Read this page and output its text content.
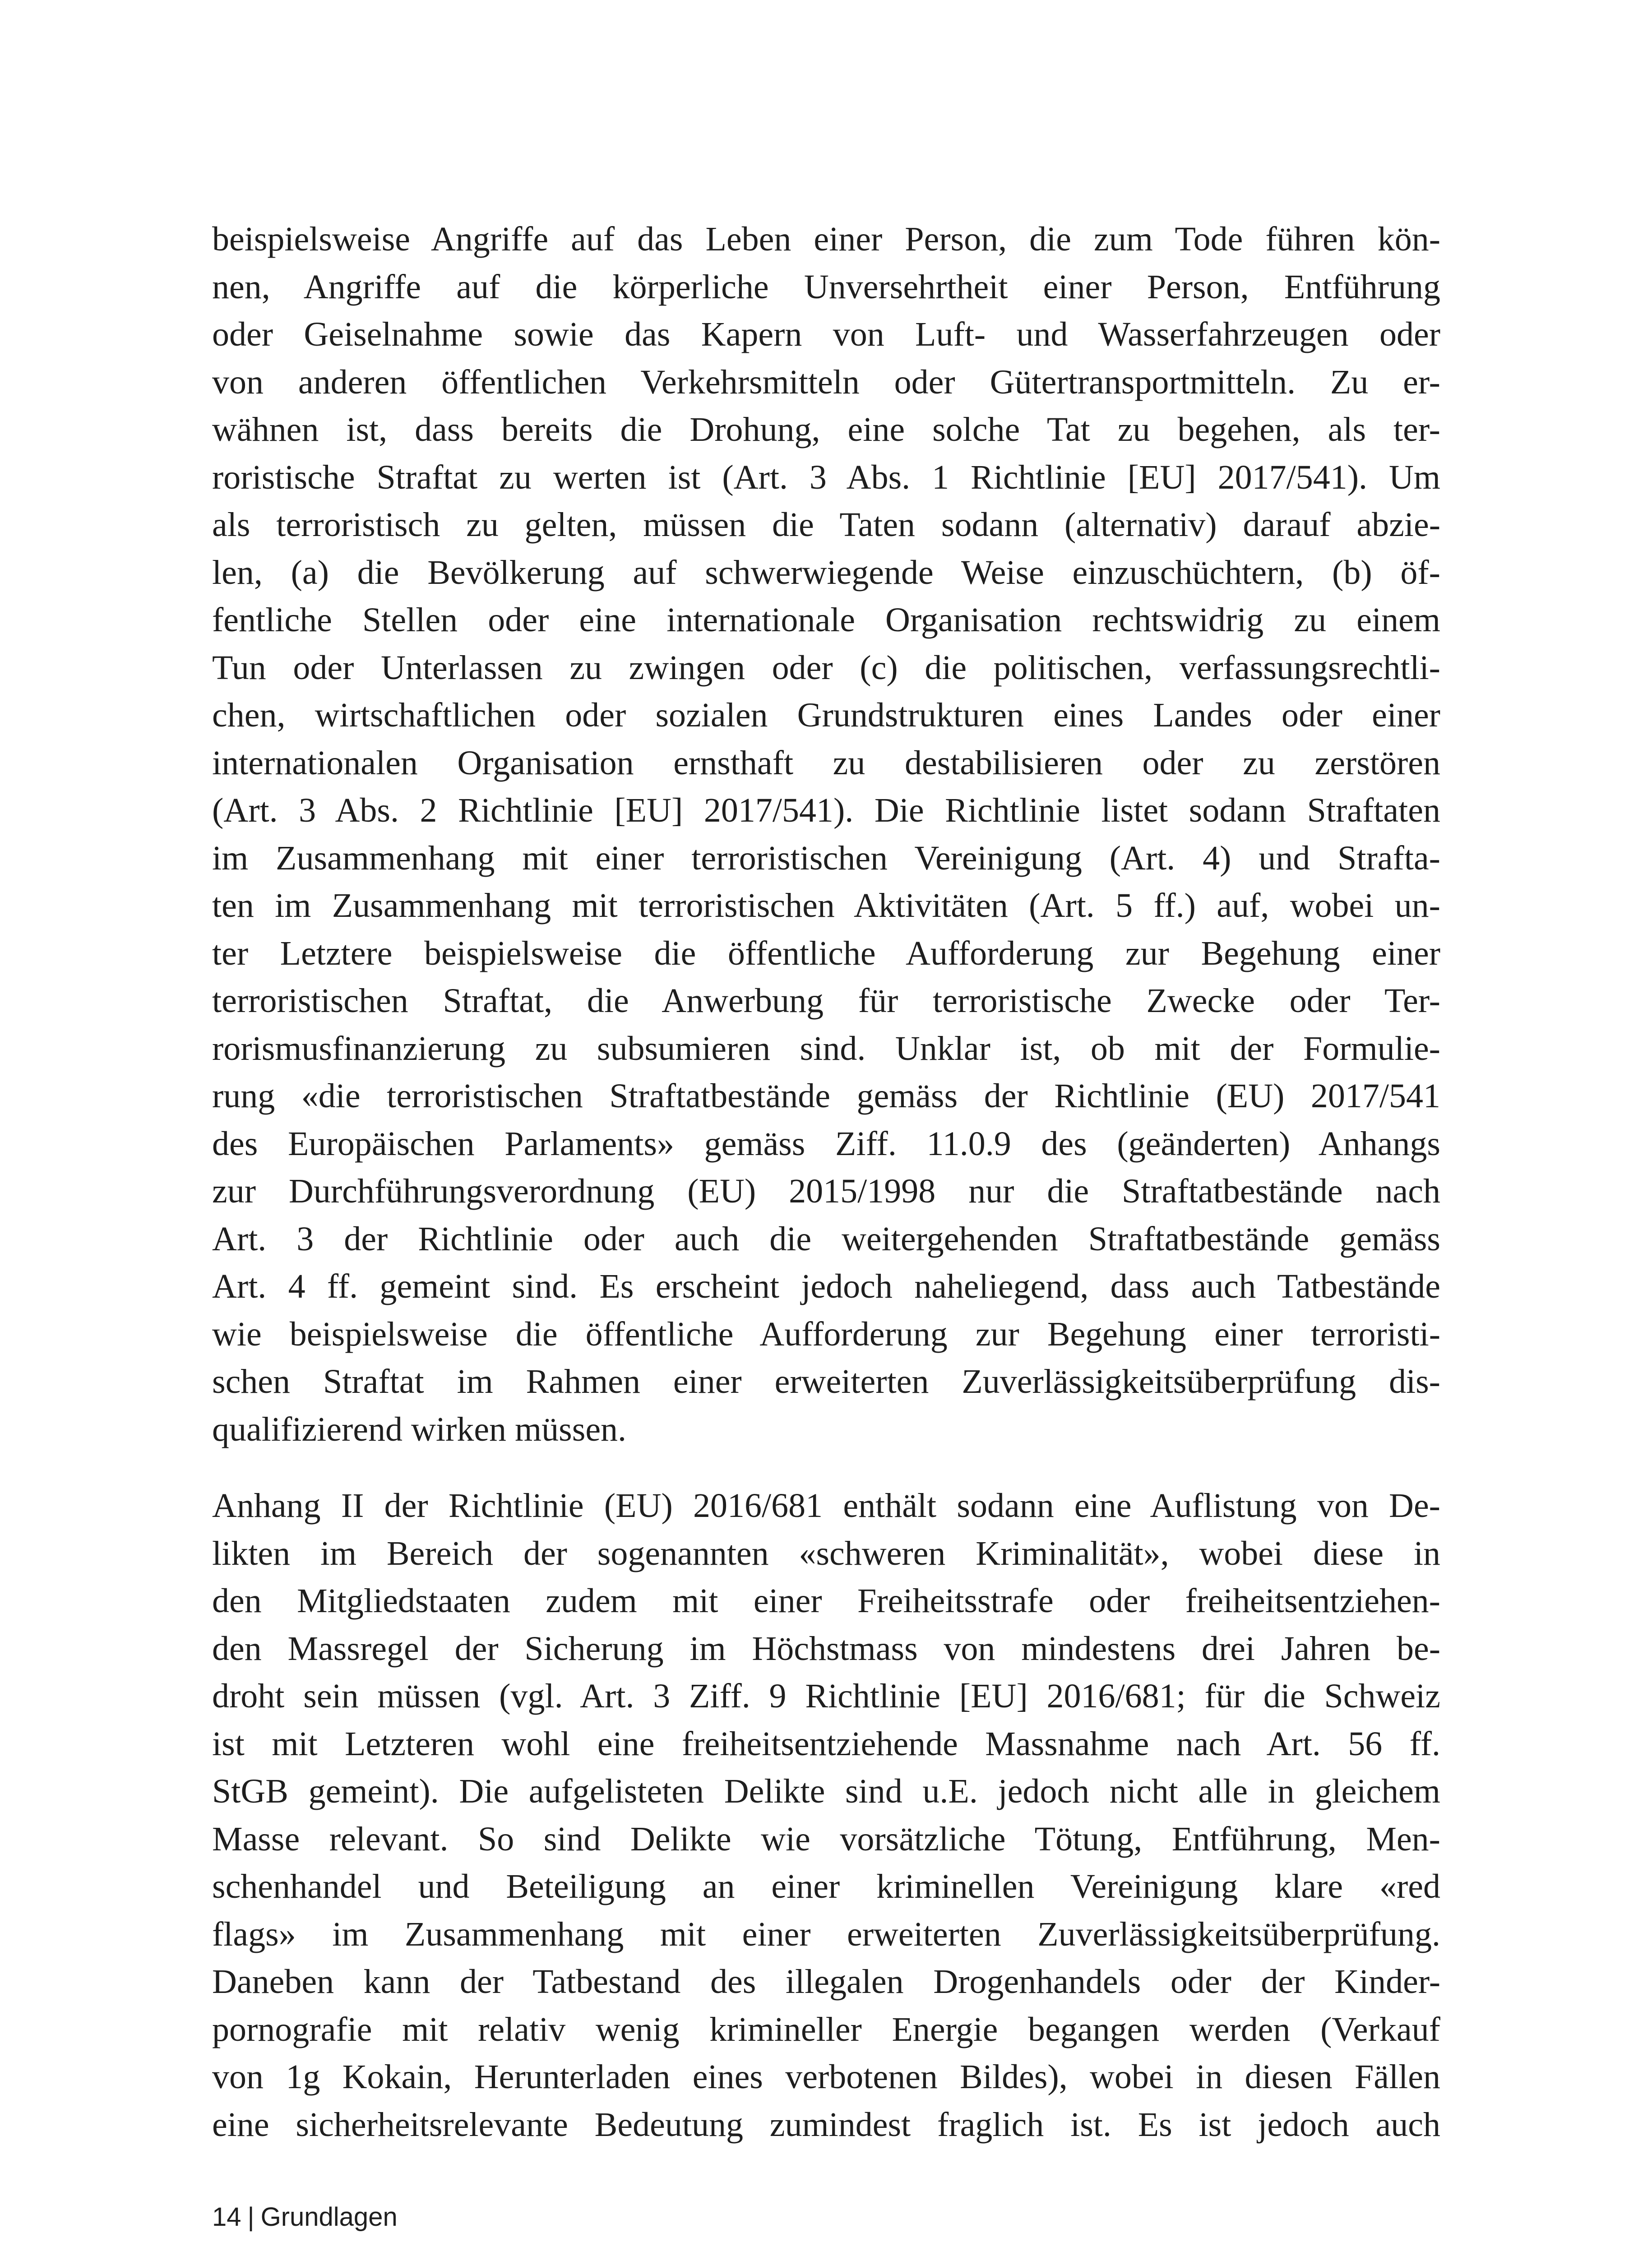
beispielsweise Angriffe auf das Leben einer Person, die zum Tode führen kön-
nen, Angriffe auf die körperliche Unversehrtheit einer Person, Entführung
oder Geiselnahme sowie das Kapern von Luft- und Wasserfahrzeugen oder
von anderen öffentlichen Verkehrsmitteln oder Gütertransportmitteln. Zu er-
wähnen ist, dass bereits die Drohung, eine solche Tat zu begehen, als ter-
roristische Straftat zu werten ist (Art. 3 Abs. 1 Richtlinie [EU] 2017/541). Um
als terroristisch zu gelten, müssen die Taten sodann (alternativ) darauf abzie-
len, (a) die Bevölkerung auf schwerwiegende Weise einzuschüchtern, (b) öf-
fentliche Stellen oder eine internationale Organisation rechtswidrig zu einem
Tun oder Unterlassen zu zwingen oder (c) die politischen, verfassungsrechtli-
chen, wirtschaftlichen oder sozialen Grundstrukturen eines Landes oder einer
internationalen Organisation ernsthaft zu destabilisieren oder zu zerstören
(Art. 3 Abs. 2 Richtlinie [EU] 2017/541). Die Richtlinie listet sodann Straftaten
im Zusammenhang mit einer terroristischen Vereinigung (Art. 4) und Strafta-
ten im Zusammenhang mit terroristischen Aktivitäten (Art. 5 ff.) auf, wobei un-
ter Letztere beispielsweise die öffentliche Aufforderung zur Begehung einer
terroristischen Straftat, die Anwerbung für terroristische Zwecke oder Ter-
rorismusfinanzierung zu subsumieren sind. Unklar ist, ob mit der Formulie-
rung «die terroristischen Straftatbestände gemäss der Richtlinie (EU) 2017/541
des Europäischen Parlaments» gemäss Ziff. 11.0.9 des (geänderten) Anhangs
zur Durchführungsverordnung (EU) 2015/1998 nur die Straftatbestände nach
Art. 3 der Richtlinie oder auch die weitergehenden Straftatbestände gemäss
Art. 4 ff. gemeint sind. Es erscheint jedoch naheliegend, dass auch Tatbestände
wie beispielsweise die öffentliche Aufforderung zur Begehung einer terroristi-
schen Straftat im Rahmen einer erweiterten Zuverlässigkeitsüberprüfung dis-
qualifizierend wirken müssen.

Anhang II der Richtlinie (EU) 2016/681 enthält sodann eine Auflistung von De-
likten im Bereich der sogenannten «schweren Kriminalität», wobei diese in
den Mitgliedstaaten zudem mit einer Freiheitsstrafe oder freiheitsentziehen-
den Massregel der Sicherung im Höchstmass von mindestens drei Jahren be-
droht sein müssen (vgl. Art. 3 Ziff. 9 Richtlinie [EU] 2016/681; für die Schweiz
ist mit Letzteren wohl eine freiheitsentziehende Massnahme nach Art. 56 ff.
StGB gemeint). Die aufgelisteten Delikte sind u.E. jedoch nicht alle in gleichem
Masse relevant. So sind Delikte wie vorsätzliche Tötung, Entführung, Men-
schenhandel und Beteiligung an einer kriminellen Vereinigung klare «red
flags» im Zusammenhang mit einer erweiterten Zuverlässigkeitsüberprüfung.
Daneben kann der Tatbestand des illegalen Drogenhandels oder der Kinder-
pornografie mit relativ wenig krimineller Energie begangen werden (Verkauf
von 1g Kokain, Herunterladen eines verbotenen Bildes), wobei in diesen Fällen
eine sicherheitsrelevante Bedeutung zumindest fraglich ist. Es ist jedoch auch

14 | Grundlagen
